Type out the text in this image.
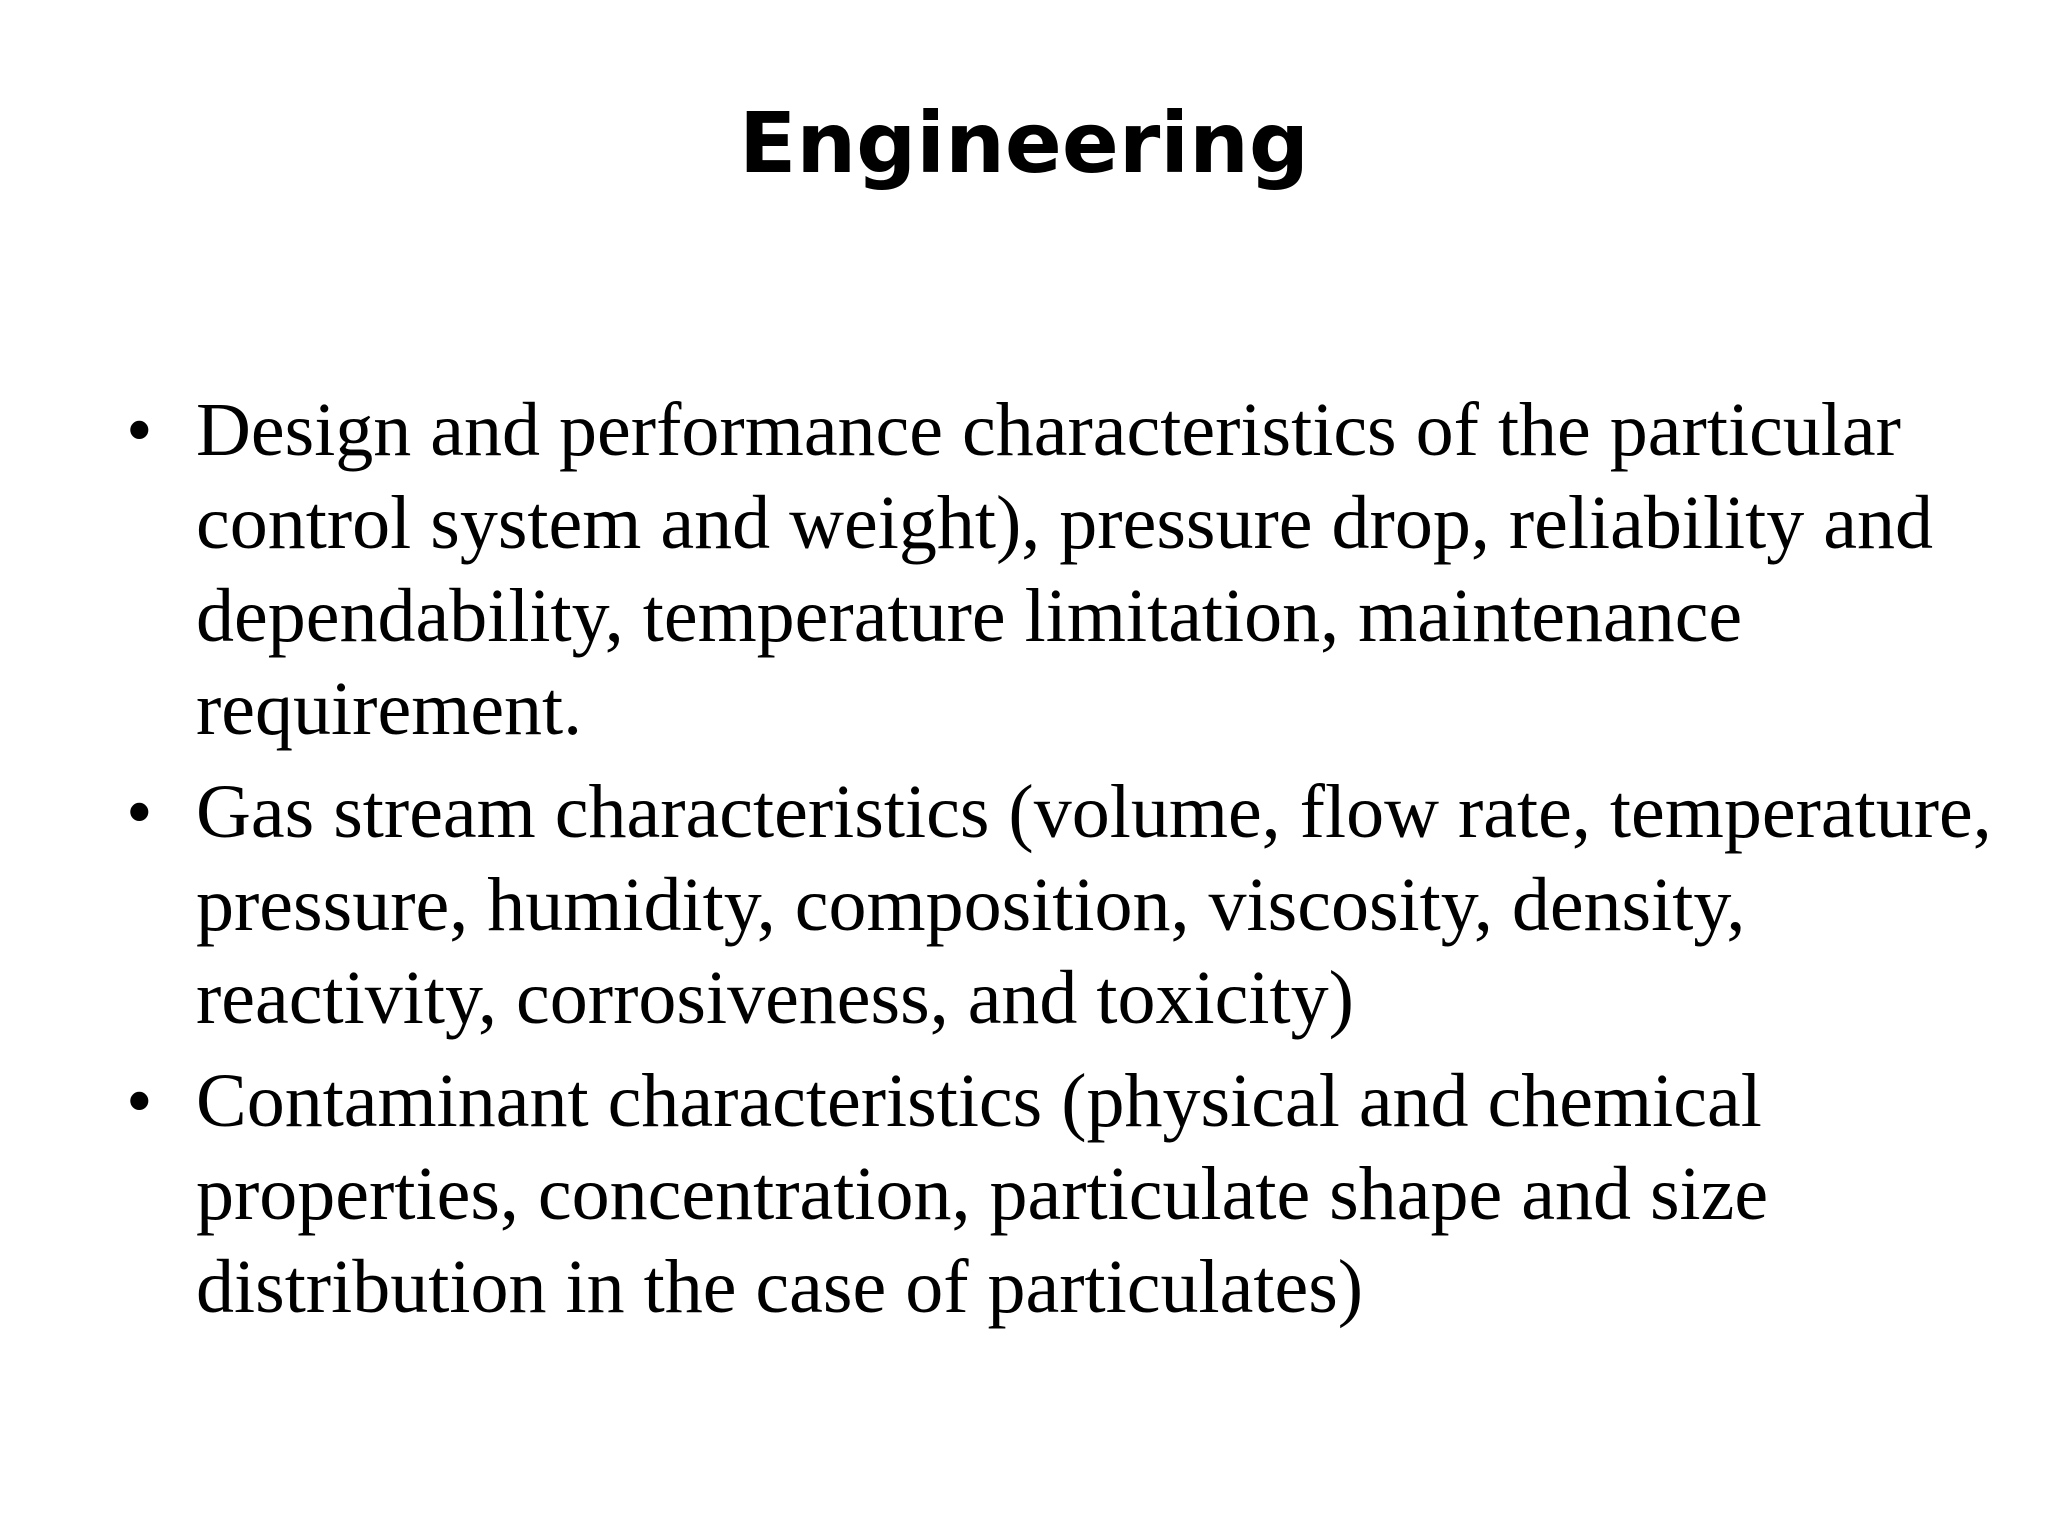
Engineering
• Design and performance characteristics of the particular control system and weight), pressure drop, reliability and dependability, temperature limitation, maintenance requirement.
• Gas stream characteristics (volume, flow rate, temperature, pressure, humidity, composition, viscosity, density, reactivity, corrosiveness, and toxicity)
• Contaminant characteristics (physical and chemical properties, concentration, particulate shape and size distribution in the case of particulates)
